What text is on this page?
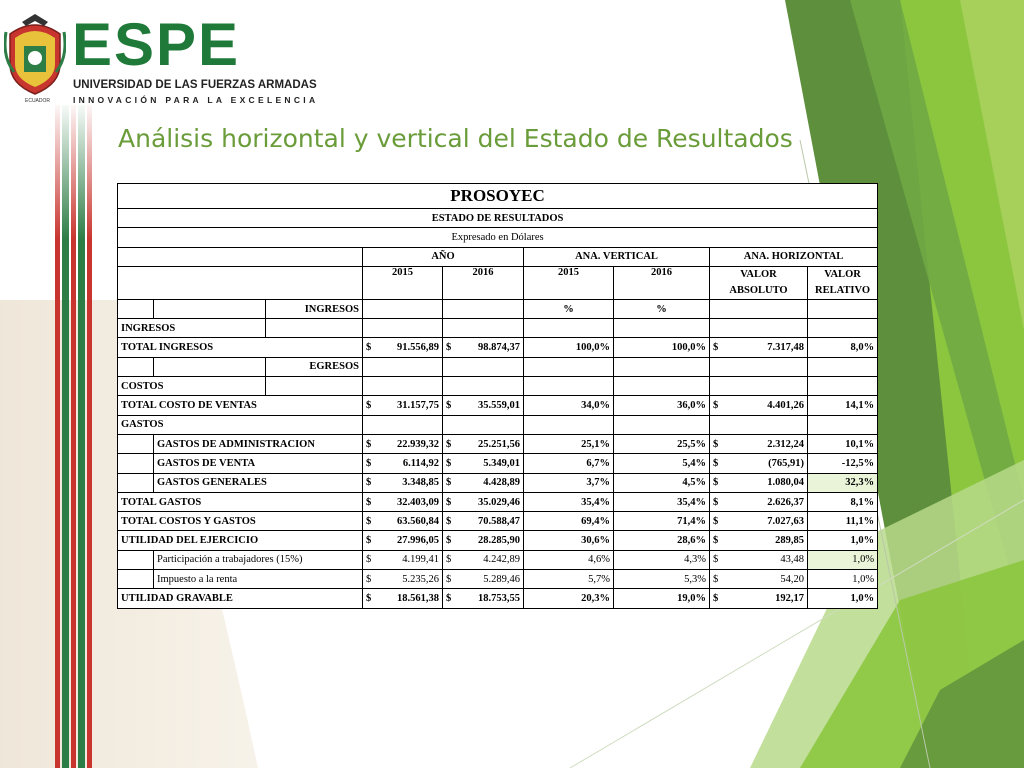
ECUADOR
ESPE
UNIVERSIDAD DE LAS FUERZAS ARMADAS
INNOVACIÓN PARA LA EXCELENCIA
Análisis horizontal y vertical del Estado de Resultados
PROSOYEC								
ESTADO DE RESULTADOS								
Expresado en Dólares								
			AÑO		ANA. VERTICAL		ANA. HORIZONTAL	
			2015	2016	2015	2016	VALOR ABSOLUTO	VALOR RELATIVO
		INGRESOS			%	%		
INGRESOS								
TOTAL INGRESOS			$ 91.556,89	$ 98.874,37	100,0%	100,0%	$ 7.317,48	8,0%
		EGRESOS						
COSTOS								
TOTAL COSTO DE VENTAS			$ 31.157,75	$ 35.559,01	34,0%	36,0%	$ 4.401,26	14,1%
GASTOS								
	GASTOS DE ADMINISTRACION		$ 22.939,32	$ 25.251,56	25,1%	25,5%	$ 2.312,24	10,1%
	GASTOS DE VENTA		$ 6.114,92	$ 5.349,01	6,7%	5,4%	$ (765,91)	-12,5%
	GASTOS GENERALES		$ 3.348,85	$ 4.428,89	3,7%	4,5%	$ 1.080,04	32,3%
TOTAL GASTOS			$ 32.403,09	$ 35.029,46	35,4%	35,4%	$ 2.626,37	8,1%
TOTAL COSTOS Y GASTOS			$ 63.560,84	$ 70.588,47	69,4%	71,4%	$ 7.027,63	11,1%
UTILIDAD DEL EJERCICIO			$ 27.996,05	$ 28.285,90	30,6%	28,6%	$ 289,85	1,0%
	Participación a trabajadores (15%)		$ 4.199,41	$ 4.242,89	4,6%	4,3%	$ 43,48	1,0%
	Impuesto a la renta		$ 5.235,26	$ 5.289,46	5,7%	5,3%	$ 54,20	1,0%
UTILIDAD GRAVABLE			$ 18.561,38	$ 18.753,55	20,3%	19,0%	$ 192,17	1,0%
